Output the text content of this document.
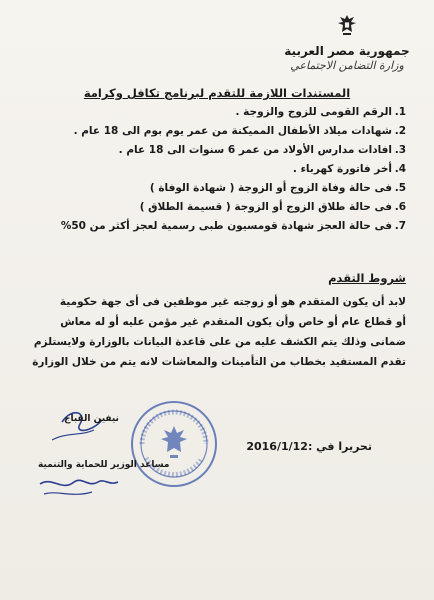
جمهورية مصر العربية
وزارة التضامن الاجتماعي
المستندات اللازمة للتقدم لبرنامج تكافل وكرامة
1.الرقم القومى للزوج والزوجة .
2.شهادات ميلاد الأطفال المميكنة من عمر يوم بوم الى 18 عام .
3.افادات مدارس الأولاد من عمر 6 سنوات الى 18 عام .
4.أخر فاتورة كهرباء .
5.فى حالة وفاة الزوج أو الزوجة ( شهادة الوفاة )
6.فى حالة طلاق الزوج أو الزوجة ( قسيمة الطلاق )
7.فى حالة العجز شهادة قومسيون طبى رسمية لعجز أكثر من 50%
شروط التقدم
لابد أن يكون المتقدم هو أو زوجته غير موظفين فى أى جهة حكومية
أو قطاع عام أو خاص وأن يكون المتقدم غير مؤمن عليه أو له معاش
ضمانى وذلك يتم الكشف عليه من على قاعدة البيانات بالوزارة ولايستلزم
تقدم المستفيد بخطاب من التأمينات والمعاشات لانه يتم من خلال الوزارة
نيفين القباج
مساعد الوزير للحماية والتنمية
تحريرا في :2016/1/12
